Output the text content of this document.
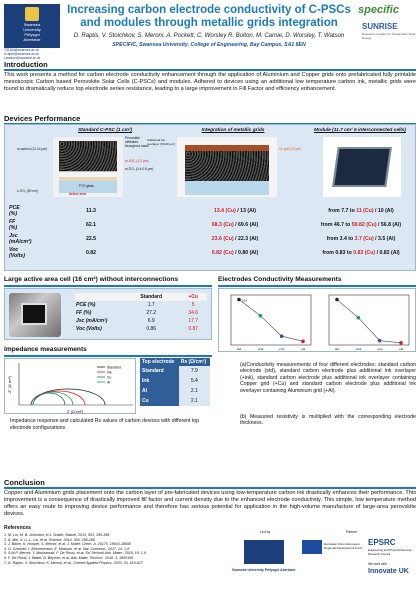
Swansea
University
Prifysgol
Abertawe
732484@swansea.ac.uk
d.raptis@swansea.ac.uk
t.watson@swansea.ac.uk
Increasing carbon electrode conductivity of C-PSCs and modules through metallic grids integration
D. Raptis, V. Stoichkov, S. Meroni, A. Pockett, C. Worsley R. Bolton, M. Carnie, D. Worsley, T. Watson
SPECIFIC, Swansea University, College of Engineering, Bay Campus, SA1 8EN
specific
SUNRISE
Research program for Sustainable Solar Energy
Introduction
This work presents a method for carbon electrode conductivity enhancement through the application of Aluminium and Copper grids onto prefabricated fully printable mesoscopic Carbon based Perovskite Solar Cells (C-PSCs) and modules. Adhered to devices using an additional low temperature carbon ink, metallic grids were found to dramatically reduce top electrode series resistance, leading to a large improvement in Fill Factor and efficiency enhancement.
Devices Performance
Standard C-PSC (1 cm²)	Integration of metallic grids	Module (11.7 cm² 6 interconnected cells)
m-carbon (12-14 μm)
Perovskite infiltrated throughout stack
m-ZrO₂ (1-2 μm)
m-TiO₂ (0.4-0.8 μm)
FTO glass
c-TiO₂ (50 nm)
Active area
Additional ink overlayer (50-60 μm)
Cu grid (23 μm)
PCE (%)	11.3	13.4 (Cu) / 13 (Al)	from 7.7 to 11 (Cu) / 10 (Al)
FF (%)	62.1	68.3 (Cu) / 69.6 (Al)	from 46.7 to 59.82 (Cu) / 56.8 (Al)
Jsc (mA/cm²)	22.5	23.6 (Cu) / 22.3 (Al)	from 3.4 to 3.7 (Cu) / 3.5 (Al)
Voc (Volts)	0.82	0.82 (Cu) / 0.80 (Al)	from 0.83 to 0.83 (Cu) / 0.82 (Al)
Large active area cell (16 cm²) without interconnections
	Standard	+Cu
PCE (%)	1.7	5
FF (%)	27.2	34.6
Jsc (mA/cm²)	6.9	17.7
Voc (Volts)	0.86	0.87
Electrodes Conductivity Measurements
std	+Ink	+Cu	+Al
313
std	+Ink	+Cu	+Al
(a)Conductivity measurements of four different electrodes: standard carbon electrode (std), standard carbon electrode plus additional ink overlayer (+ink), standard carbon electrode plus additional ink overlayer containing Copper grid (+Cu) and standard carbon electrode plus additional ink overlayer containing Aluminium grid (+Al).
(b) Measured resistivity is multiplied with the corresponding electrode thickness.
Impedance measurements
Standard
Ink
Cu
Al
Z' (Ω cm²)
-Z'' (Ω cm²)
Top electrode	Rs (Ω/cm²)
Standard	7.9
Ink	5.4
Al	2.1
Cu	2.1
Impedance response and calculated Rs values of carbon devices with different top electrode configurations
Conclusion
Copper and Aluminium grids placement onto the carbon layer of pre-fabricated devices using low-temperature carbon ink drastically enhances their performance. This improvement is a consequence of drastically improved fill factor and current density due to the enhanced electrode conductivity. This simple, low temperature method offers an easy route to improving device performance and therefore has serious potential for application in the high-volume manufacture of large-area perovskite devices.
References
1. M. Liu, M. B. Johnston, H.J. Snaith, Nature, 2013, 501, 395-398
2. A. Mei, X. Li, L. Liu, et al, Science, 2014, 305, 295-298
3. J. Baker, K. Hooper, S. Meroni, et al, J. Mater. Chem. A, 20175, 18643-18650
4. G. Grancini, I. Zimmermann, E. Mosconi, et al, Nat. Commun., 2017, 14, 1-8
5. S.M.P. Meroni, Y. Mouhamad, F. De Rossi, et al, Sci.Technol.Adv. Mater., 2018, 19, 1-9
6. F. De Rossi, J. Baker, D. Beynon, et al, Adv. Mater. Technol., 2018, 3, 1800156
7. D. Raptis, V. Stoichkov, S. Meroni, et al., Current Applied Physics, 2020, 20, 619-627
Led by	Partner
Swansea University Prifysgol Abertawe
European Union European Regional Development Fund
EPSRC
Engineering and Physical Sciences Research Council
We work with
Innovate UK
